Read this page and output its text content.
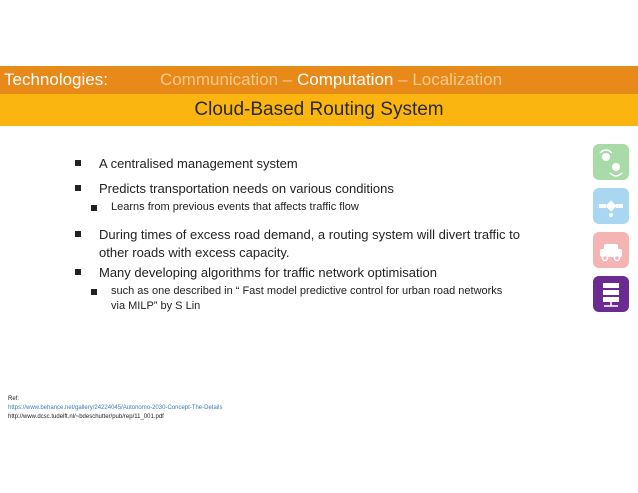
Technologies:
	Communication
–
Computation
–
Localization
Cloud-Based Routing System
A centralised management system
Predicts transportation needs on various conditions
Learns from previous events that affects traffic flow
During times of excess road demand, a routing system will divert traffic to
other roads with excess capacity.
Many developing algorithms for traffic network optimisation
such as one described in “ Fast model predictive control for urban road networks
via MILP” by S Lin
Ref:
https://www.behance.net/gallery/24224045/Autonomo-2030-Concept-The-Details
http://www.dcsc.tudelft.nl/~bdeschutter/pub/rep/11_001.pdf
